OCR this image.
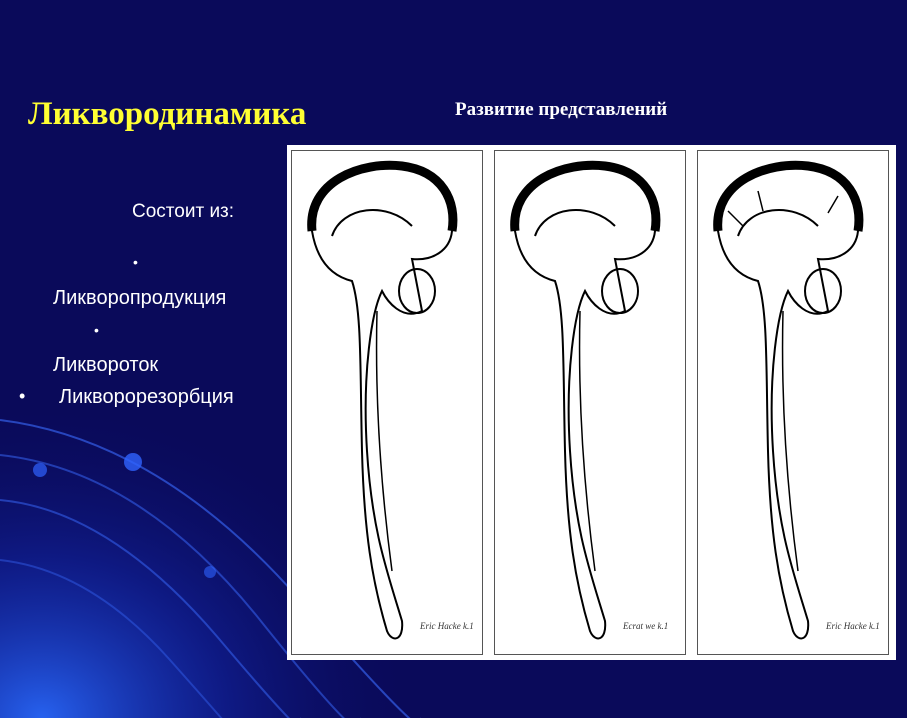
Ликвородинамика	Развитие представлений
Состоит из:
•
Ликворопродукция
•
Ликвороток
• Ликворорезорбция
Eric Hacke k.1	Ecrat we k.1	Eric Hacke k.1
